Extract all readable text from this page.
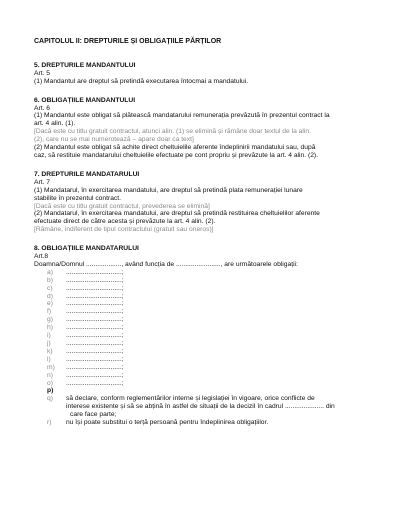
CAPITOLUL II: DREPTURILE ȘI OBLIGAȚIILE PĂRȚILOR

5. DREPTURILE MANDANTULUI

Art. 5

(1) Mandantul are dreptul să pretindă executarea întocmai a mandatului.

6. OBLIGAȚIILE MANDANTULUI

Art. 6

(1) Mandantul este obligat să plătească mandatarului remunerația prevăzută în prezentul contract la

art. 4 alin. (1).

[Dacă este cu titlu gratuit contractul, atunci alin. (1) se elimină și rămâne doar textul de la alin.

(2), care nu se mai numerotează – apare doar ca text]

(2) Mandantul este obligat să achite direct cheltuielile aferente îndeplinirii mandatului sau, după

caz, să restituie mandatarului cheltuielile efectuate pe cont propriu și prevăzute la art. 4 alin. (2).

7. DREPTURILE MANDATARULUI

Art. 7

(1) Mandatarul, în exercitarea mandatului, are dreptul să pretindă plata remunerației lunare

stabilite în prezentul contract.

[Dacă este cu titlu gratuit contractul, prevederea se elimină]

(2) Mandatarul, în exercitarea mandatului, are dreptul să pretindă restituirea cheltuielilor aferente

efectuate direct de către acesta și prevăzute la art. 4 alin. (2).

[Rămâne, indiferent de tipul contractului (gratuit sau oneros)]

8. OBLIGAȚIILE MANDATARULUI

Art.8

Doamna/Domnul ..................., având funcția de ........................, are următoarele obligații:

a)	..............................;
b)	..............................;
c)	..............................;
d)	..............................;
e)	..............................;
f)	..............................;
g)	..............................;
h)	..............................;
i)	..............................;
j)	..............................;
k)	..............................;
l)	..............................;
m)	..............................;
n)	..............................;
o)	..............................;
p)
q)	să declare, conform reglementărilor interne și legislației în vigoare, orice conflicte de
interese existente și să se abțină în astfel de situații de la deciziI în cadrul ..................... din
care face parte;
r)	nu își poate substitui o terță persoană pentru îndeplinirea obligațiilor.
